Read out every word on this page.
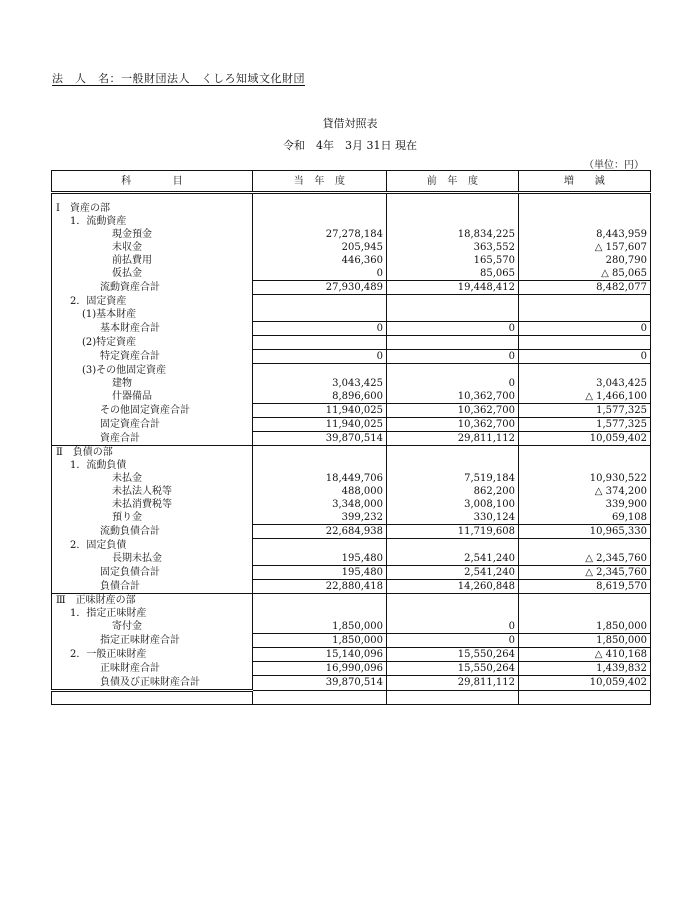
法　人　名：一般財団法人　くしろ知域文化財団
貸借対照表
令和　4年　3月 31日 現在
（単位：円）
科　　　　目	当　年　度	前　年　度	増　　減

Ⅰ　資産の部			
1．流動資産			
現金預金	27,278,184	18,834,225	8,443,959
未収金	205,945	363,552	△ 157,607
前払費用	446,360	165,570	280,790
仮払金	0	85,065	△ 85,065
流動資産合計	27,930,489	19,448,412	8,482,077
2．固定資産			
(1)基本財産			
基本財産合計	0	0	0
(2)特定資産			
特定資産合計	0	0	0
(3)その他固定資産			
建物	3,043,425	0	3,043,425
什器備品	8,896,600	10,362,700	△ 1,466,100
その他固定資産合計	11,940,025	10,362,700	1,577,325
固定資産合計	11,940,025	10,362,700	1,577,325
資産合計	39,870,514	29,811,112	10,059,402
Ⅱ　負債の部			
1．流動負債			
未払金	18,449,706	7,519,184	10,930,522
未払法人税等	488,000	862,200	△ 374,200
未払消費税等	3,348,000	3,008,100	339,900
預り金	399,232	330,124	69,108
流動負債合計	22,684,938	11,719,608	10,965,330
2．固定負債			
長期未払金	195,480	2,541,240	△ 2,345,760
固定負債合計	195,480	2,541,240	△ 2,345,760
負債合計	22,880,418	14,260,848	8,619,570
Ⅲ　正味財産の部			
1．指定正味財産			
寄付金	1,850,000	0	1,850,000
指定正味財産合計	1,850,000	0	1,850,000
2．一般正味財産	15,140,096	15,550,264	△ 410,168
正味財産合計	16,990,096	15,550,264	1,439,832
負債及び正味財産合計	39,870,514	29,811,112	10,059,402
